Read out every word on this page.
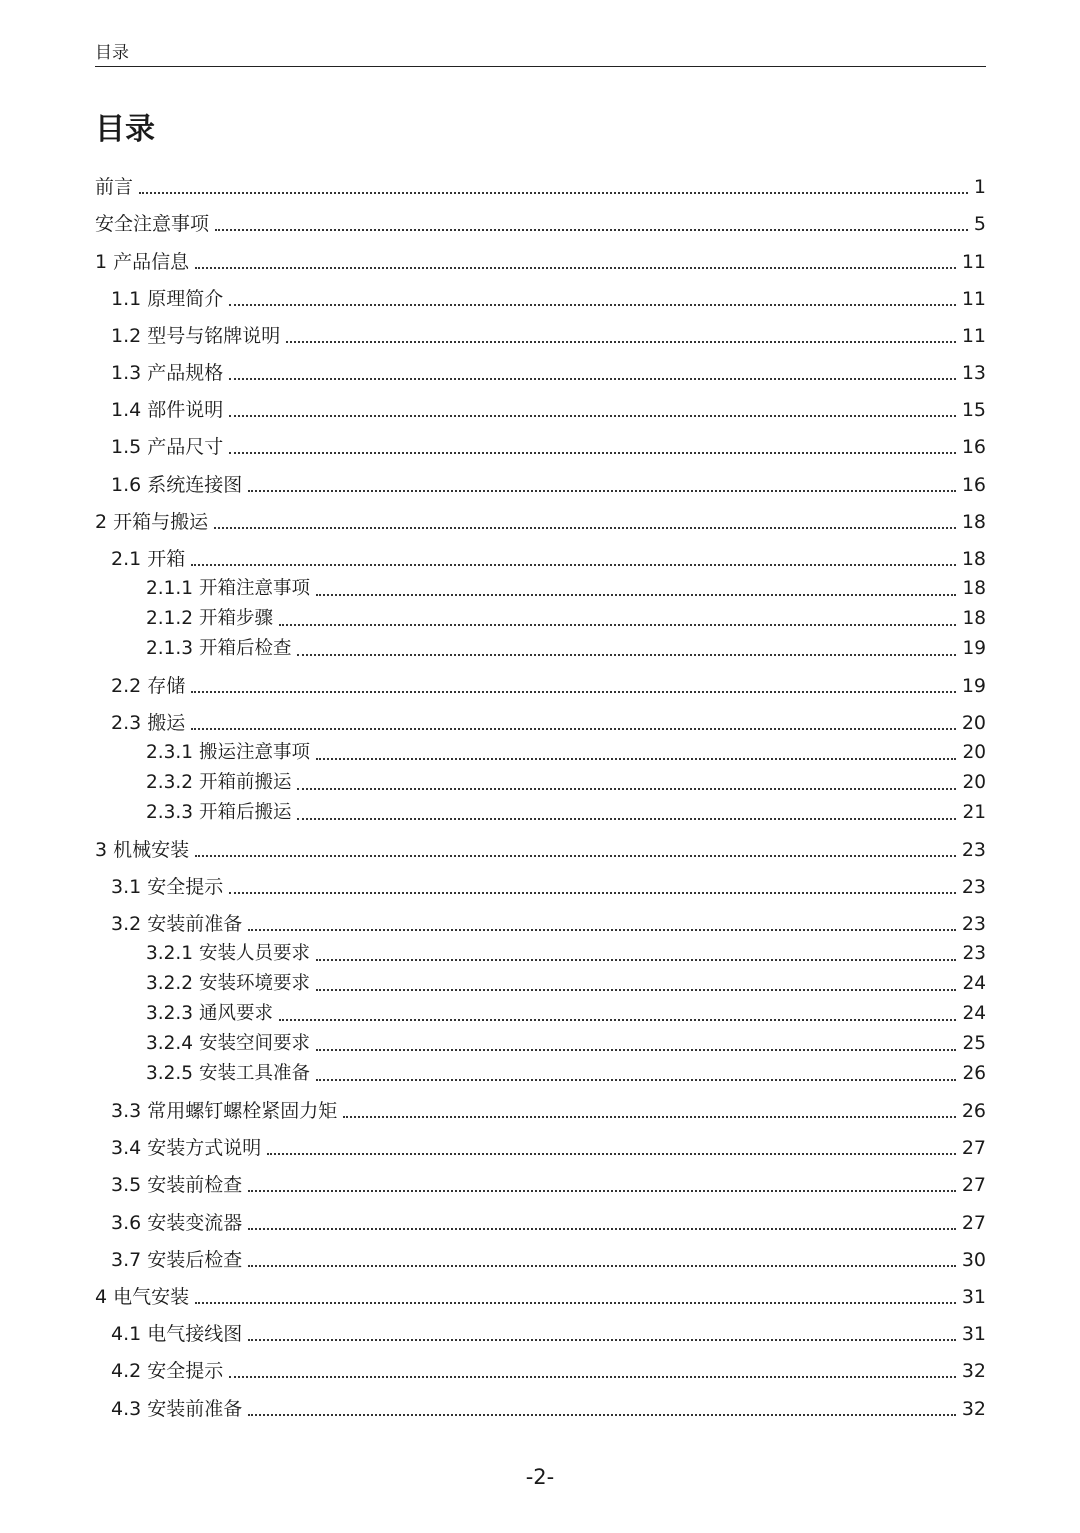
目录
目录
前言	1
安全注意事项	5
1 产品信息	11
1.1 原理简介	11
1.2 型号与铭牌说明	11
1.3 产品规格	13
1.4 部件说明	15
1.5 产品尺寸	16
1.6 系统连接图	16
2 开箱与搬运	18
2.1 开箱	18
2.1.1 开箱注意事项	18
2.1.2 开箱步骤	18
2.1.3 开箱后检查	19
2.2 存储	19
2.3 搬运	20
2.3.1 搬运注意事项	20
2.3.2 开箱前搬运	20
2.3.3 开箱后搬运	21
3 机械安装	23
3.1 安全提示	23
3.2 安装前准备	23
3.2.1 安装人员要求	23
3.2.2 安装环境要求	24
3.2.3 通风要求	24
3.2.4 安装空间要求	25
3.2.5 安装工具准备	26
3.3 常用螺钉螺栓紧固力矩	26
3.4 安装方式说明	27
3.5 安装前检查	27
3.6 安装变流器	27
3.7 安装后检查	30
4 电气安装	31
4.1 电气接线图	31
4.2 安全提示	32
4.3 安装前准备	32
-2-
